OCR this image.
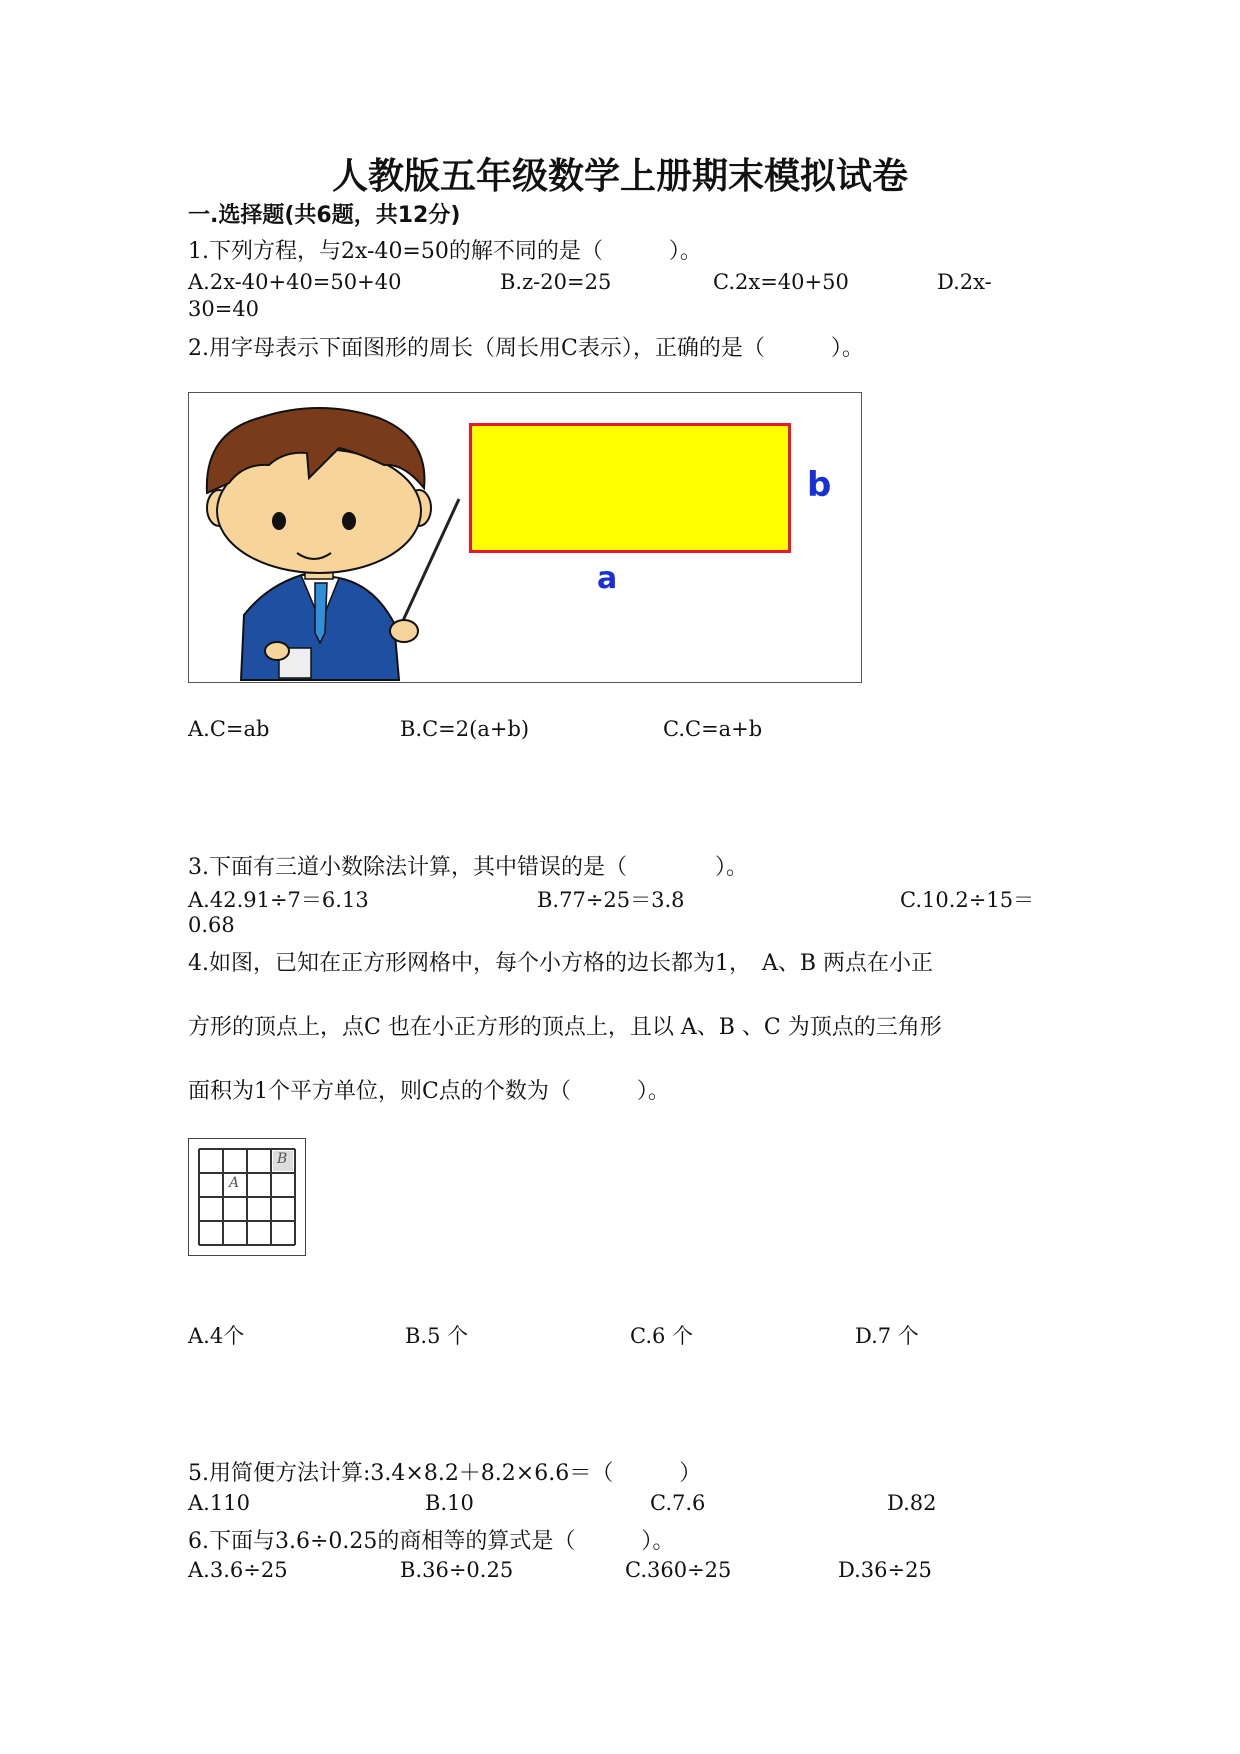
人教版五年级数学上册期末模拟试卷
一.选择题(共6题，共12分)
1.下列方程，与2x-40=50的解不同的是（　　　）。
A.2x-40+40=50+40	B.z-20=25	C.2x=40+50	D.2x-
30=40
2.用字母表示下面图形的周长（周长用C表示），正确的是（　　　）。
b
a
A.C=ab	B.C=2(a+b)	C.C=a+b
3.下面有三道小数除法计算，其中错误的是（　　　　）。
A.42.91÷7＝6.13	B.77÷25＝3.8	C.10.2÷15＝
0.68
4.如图，已知在正方形网格中，每个小方格的边长都为1，　A、B 两点在小正
方形的顶点上，点C 也在小正方形的顶点上，且以 A、B 、C 为顶点的三角形
面积为1个平方单位，则C点的个数为（　　　）。
A
B
A.4个	B.5 个	C.6 个	D.7 个
5.用简便方法计算:3.4×8.2＋8.2×6.6＝（　　　）
A.110	B.10	C.7.6	D.82
6.下面与3.6÷0.25的商相等的算式是（　　　）。
A.3.6÷25	B.36÷0.25	C.360÷25	D.36÷25
